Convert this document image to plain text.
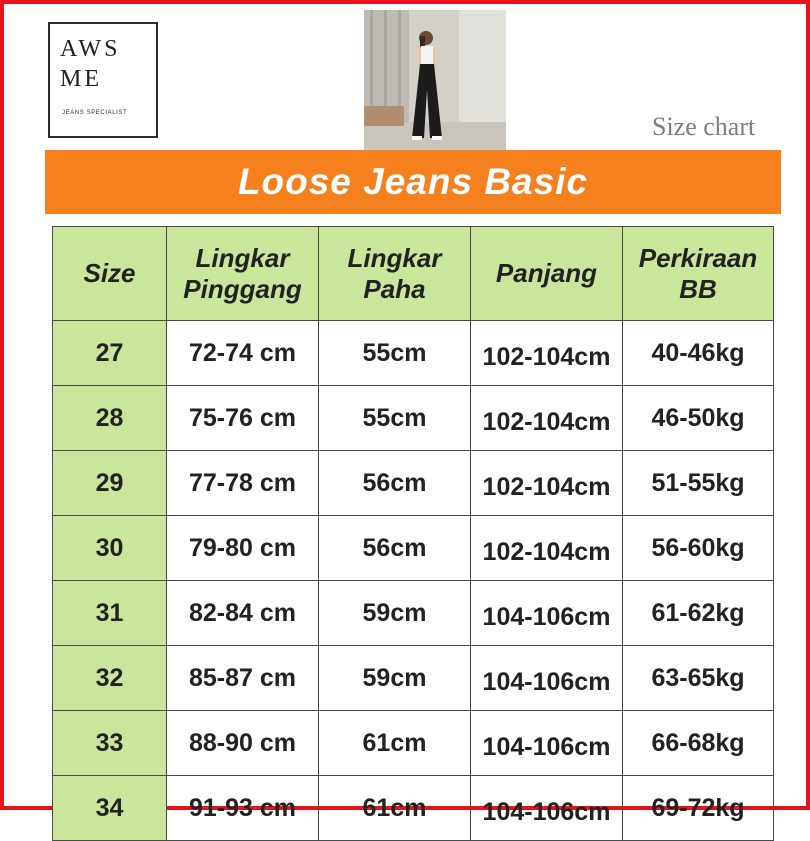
AWS
ME
JEANS SPECIALIST	Size chart
Loose Jeans Basic
Size	Lingkar Pinggang	Lingkar Paha	Panjang	Perkiraan BB
27	72-74 cm	55cm	102-104cm	40-46kg
28	75-76 cm	55cm	102-104cm	46-50kg
29	77-78 cm	56cm	102-104cm	51-55kg
30	79-80 cm	56cm	102-104cm	56-60kg
31	82-84 cm	59cm	104-106cm	61-62kg
32	85-87 cm	59cm	104-106cm	63-65kg
33	88-90 cm	61cm	104-106cm	66-68kg
34	91-93 cm	61cm	104-106cm	69-72kg
